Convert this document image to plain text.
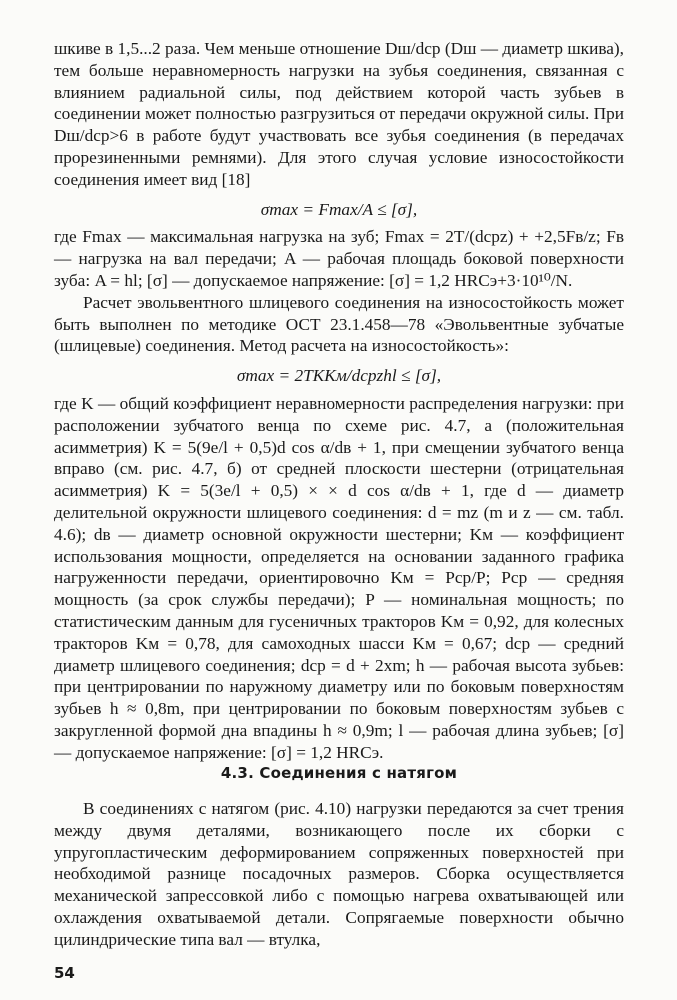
шкиве в 1,5...2 раза. Чем меньше отношение Dш/dср (Dш — диаметр шкива), тем больше неравномерность нагрузки на зубья соединения, связанная с влиянием радиальной силы, под действием которой часть зубьев в соединении может полностью разгрузиться от передачи окружной силы. При Dш/dср>6 в работе будут участвовать все зубья соединения (в передачах прорезиненными ремнями). Для этого случая условие износостойкости соединения имеет вид [18]

σmax = Fmax/A ≤ [σ],

где Fmax — максимальная нагрузка на зуб; Fmax = 2T/(dcpz) + +2,5Fв/z; Fв — нагрузка на вал передачи; A — рабочая площадь боковой поверхности зуба: A = hl; [σ] — допускаемое напряжение: [σ] = 1,2 HRCэ+3·10¹⁰/N.

Расчет эвольвентного шлицевого соединения на износостойкость может быть выполнен по методике ОСТ 23.1.458—78 «Эвольвентные зубчатые (шлицевые) соединения. Метод расчета на износостойкость»:

σmax = 2TKKм/dcpzhl ≤ [σ],

где K — общий коэффициент неравномерности распределения нагрузки: при расположении зубчатого венца по схеме рис. 4.7, а (положительная асимметрия) K = 5(9e/l + 0,5)d cos α/dв + 1, при смещении зубчатого венца вправо (см. рис. 4.7, б) от средней плоскости шестерни (отрицательная асимметрия) K = 5(3e/l + 0,5) × × d cos α/dв + 1, где d — диаметр делительной окружности шлицевого соединения: d = mz (m и z — см. табл. 4.6); dв — диаметр основной окружности шестерни; Kм — коэффициент использования мощности, определяется на основании заданного графика нагруженности передачи, ориентировочно Kм = Pср/P; Pср — средняя мощность (за срок службы передачи); P — номинальная мощность; по статистическим данным для гусеничных тракторов Kм = 0,92, для колесных тракторов Kм = 0,78, для самоходных шасси Kм = 0,67; dср — средний диаметр шлицевого соединения; dср = d + 2xm; h — рабочая высота зубьев: при центрировании по наружному диаметру или по боковым поверхностям зубьев h ≈ 0,8m, при центрировании по боковым поверхностям зубьев с закругленной формой дна впадины h ≈ 0,9m; l — рабочая длина зубьев; [σ] — допускаемое напряжение: [σ] = 1,2 HRCэ.

4.3. Соединения с натягом

В соединениях с натягом (рис. 4.10) нагрузки передаются за счет трения между двумя деталями, возникающего после их сборки с упругопластическим деформированием сопряженных поверхностей при необходимой разнице посадочных размеров. Сборка осуществляется механической запрессовкой либо с помощью нагрева охватывающей или охлаждения охватываемой детали. Сопрягаемые поверхности обычно цилиндрические типа вал — втулка,

54
